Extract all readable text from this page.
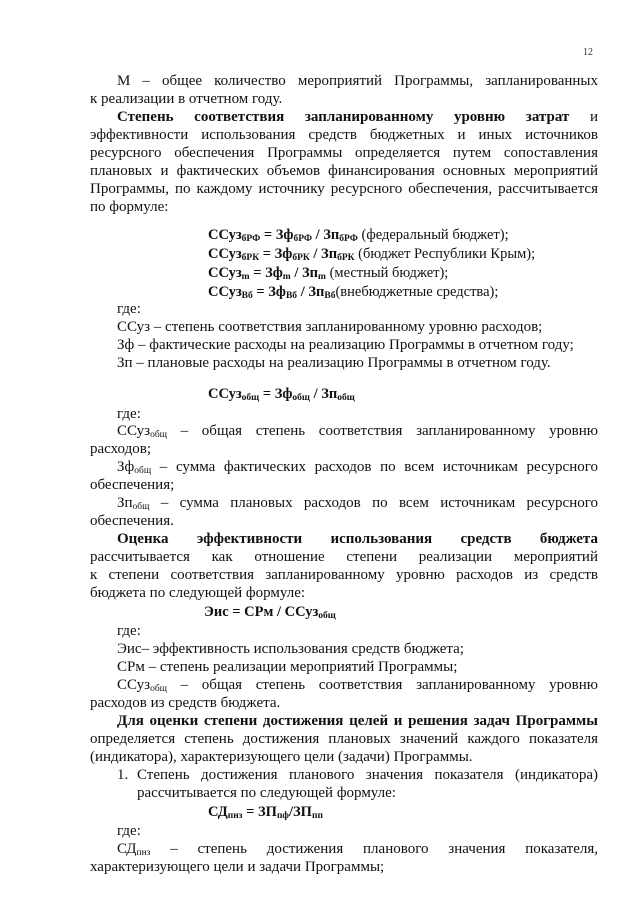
12
М – общее количество мероприятий Программы, запланированных
к реализации в отчетном году.
Степень соответствия запланированному уровню затрат и
эффективности использования средств бюджетных и иных источников
ресурсного обеспечения Программы определяется путем сопоставления
плановых и фактических объемов финансирования основных мероприятий
Программы, по каждому источнику ресурсного обеспечения, рассчитывается
по формуле:
ССуз$_{бРФ}$ = $Зф_{бРФ} / Зп_{бРФ}$ (федеральный бюджет);
ССуз$_{бРК}$ = $Зф_{бРК} / Зп_{бРК}$ (бюджет Республики Крым);
ССуз$_m$ = $Зф_m / Зп_m$ (местный бюджет);
ССуз$_{Вб}$ = $Зф_{Вб}$ / $Зп_{Вб}(внебюджетные$ средства);
где:
ССуз – степень соответствия запланированному уровню расходов;
Зф – фактические расходы на реализацию Программы в отчетном году;
Зп – плановые расходы на реализацию Программы в отчетном году.
ССуз$_{общ}$ = $Зф_{общ} / Зп_{общ}$
где:
ССуз$_{общ}$ – общая степень соответствия запланированному уровню
расходов;
$Зф_{общ}$ – сумма фактических расходов по всем источникам ресурсного
обеспечения;
$Зп_{общ}$ – сумма плановых расходов по всем источникам ресурсного
обеспечения.
Оценка эффективности использования средств бюджета
рассчитывается как отношение степени реализации мероприятий
к степени соответствия запланированному уровню расходов из средств
бюджета по следующей формуле:
Эис = СРм / ССуз$_{общ}$
где:
Эис– эффективность использования средств бюджета;
СРм – степень реализации мероприятий Программы;
ССуз$_{общ}$ – общая степень соответствия запланированному уровню
расходов из средств бюджета.
Для оценки степени достижения целей и решения задач Программы
определяется степень достижения плановых значений каждого показателя
(индикатора), характеризующего цели (задачи) Программы.
1. Степень достижения планового значения показателя (индикатора)
рассчитывается по следующей формуле:
$СД_{пнз} = ЗП_{пф}/ЗП_{пп}$
где:
$СД_{пнз}$ – степень достижения планового значения показателя,
характеризующего цели и задачи Программы;
